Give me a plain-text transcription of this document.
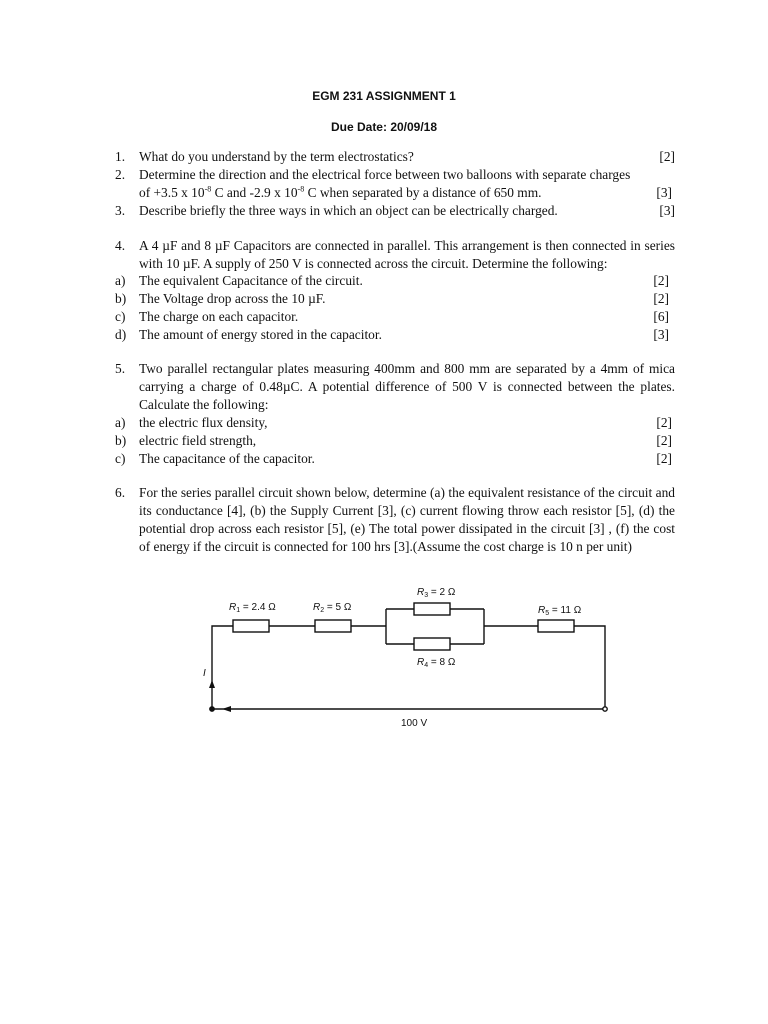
EGM 231 ASSIGNMENT 1
Due Date: 20/09/18
1. What do you understand by the term electrostatics?	[2]
2. Determine the direction and the electrical force between two balloons with separate charges
of +3.5 x $10^{-8}$ C and -2.9 x $10^{-8}$ C when separated by a distance of 650 mm.	[3]
3. Describe briefly the three ways in which an object can be electrically charged.	[3]
4. A 4 µF and 8 µF Capacitors are connected in parallel. This arrangement is then connected in series with 10 µF. A supply of 250 V is connected across the circuit. Determine the following:
a) The equivalent Capacitance of the circuit.	[2]
b) The Voltage drop across the 10 µF.	[2]
c) The charge on each capacitor.	[6]
d) The amount of energy stored in the capacitor.	[3]
5. Two parallel rectangular plates measuring 400mm and 800 mm are separated by a 4mm of mica carrying a charge of 0.48µC. A potential difference of 500 V is connected between the plates. Calculate the following:
a) the electric flux density,	[2]
b) electric field strength,	[2]
c) The capacitance of the capacitor.	[2]
6. For the series parallel circuit shown below, determine (a) the equivalent resistance of the circuit and its conductance [4], (b) the Supply Current [3], (c) current flowing throw each resistor [5], (d) the potential drop across each resistor [5], (e) The total power dissipated in the circuit [3] , (f) the cost of energy if the circuit is connected for 100 hrs [3].(Assume the cost charge is 10 n per unit)
$R_1 = 2.4$ Ω	$R_2 = 5$ Ω
$R_3 = 2$ Ω
$R_4 = 8$ Ω
$R_5 = 11$ Ω
I
100 V
